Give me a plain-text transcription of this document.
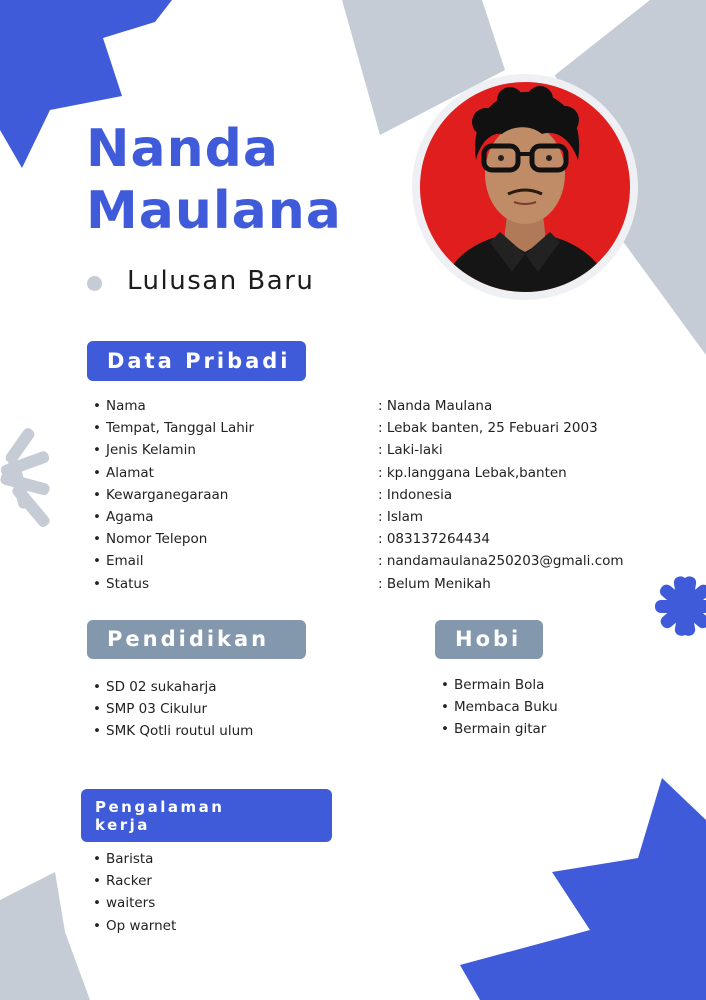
Nanda
Maulana
Lulusan Baru
Data Pribadi
• Nama
• Tempat, Tanggal Lahir
• Jenis Kelamin
• Alamat
• Kewarganegaraan
• Agama
• Nomor Telepon
• Email
• Status
: Nanda Maulana
: Lebak banten, 25 Febuari 2003
: Laki-laki
: kp.langgana Lebak,banten
: Indonesia
: Islam
: 083137264434
: nandamaulana250203@gmali.com
: Belum Menikah
Pendidikan
• SD 02 sukaharja
• SMP 03 Cikulur
• SMK Qotli routul ulum
Hobi
• Bermain Bola
• Membaca Buku
• Bermain gitar
Pengalaman
kerja
• Barista
• Racker
• waiters
• Op warnet
